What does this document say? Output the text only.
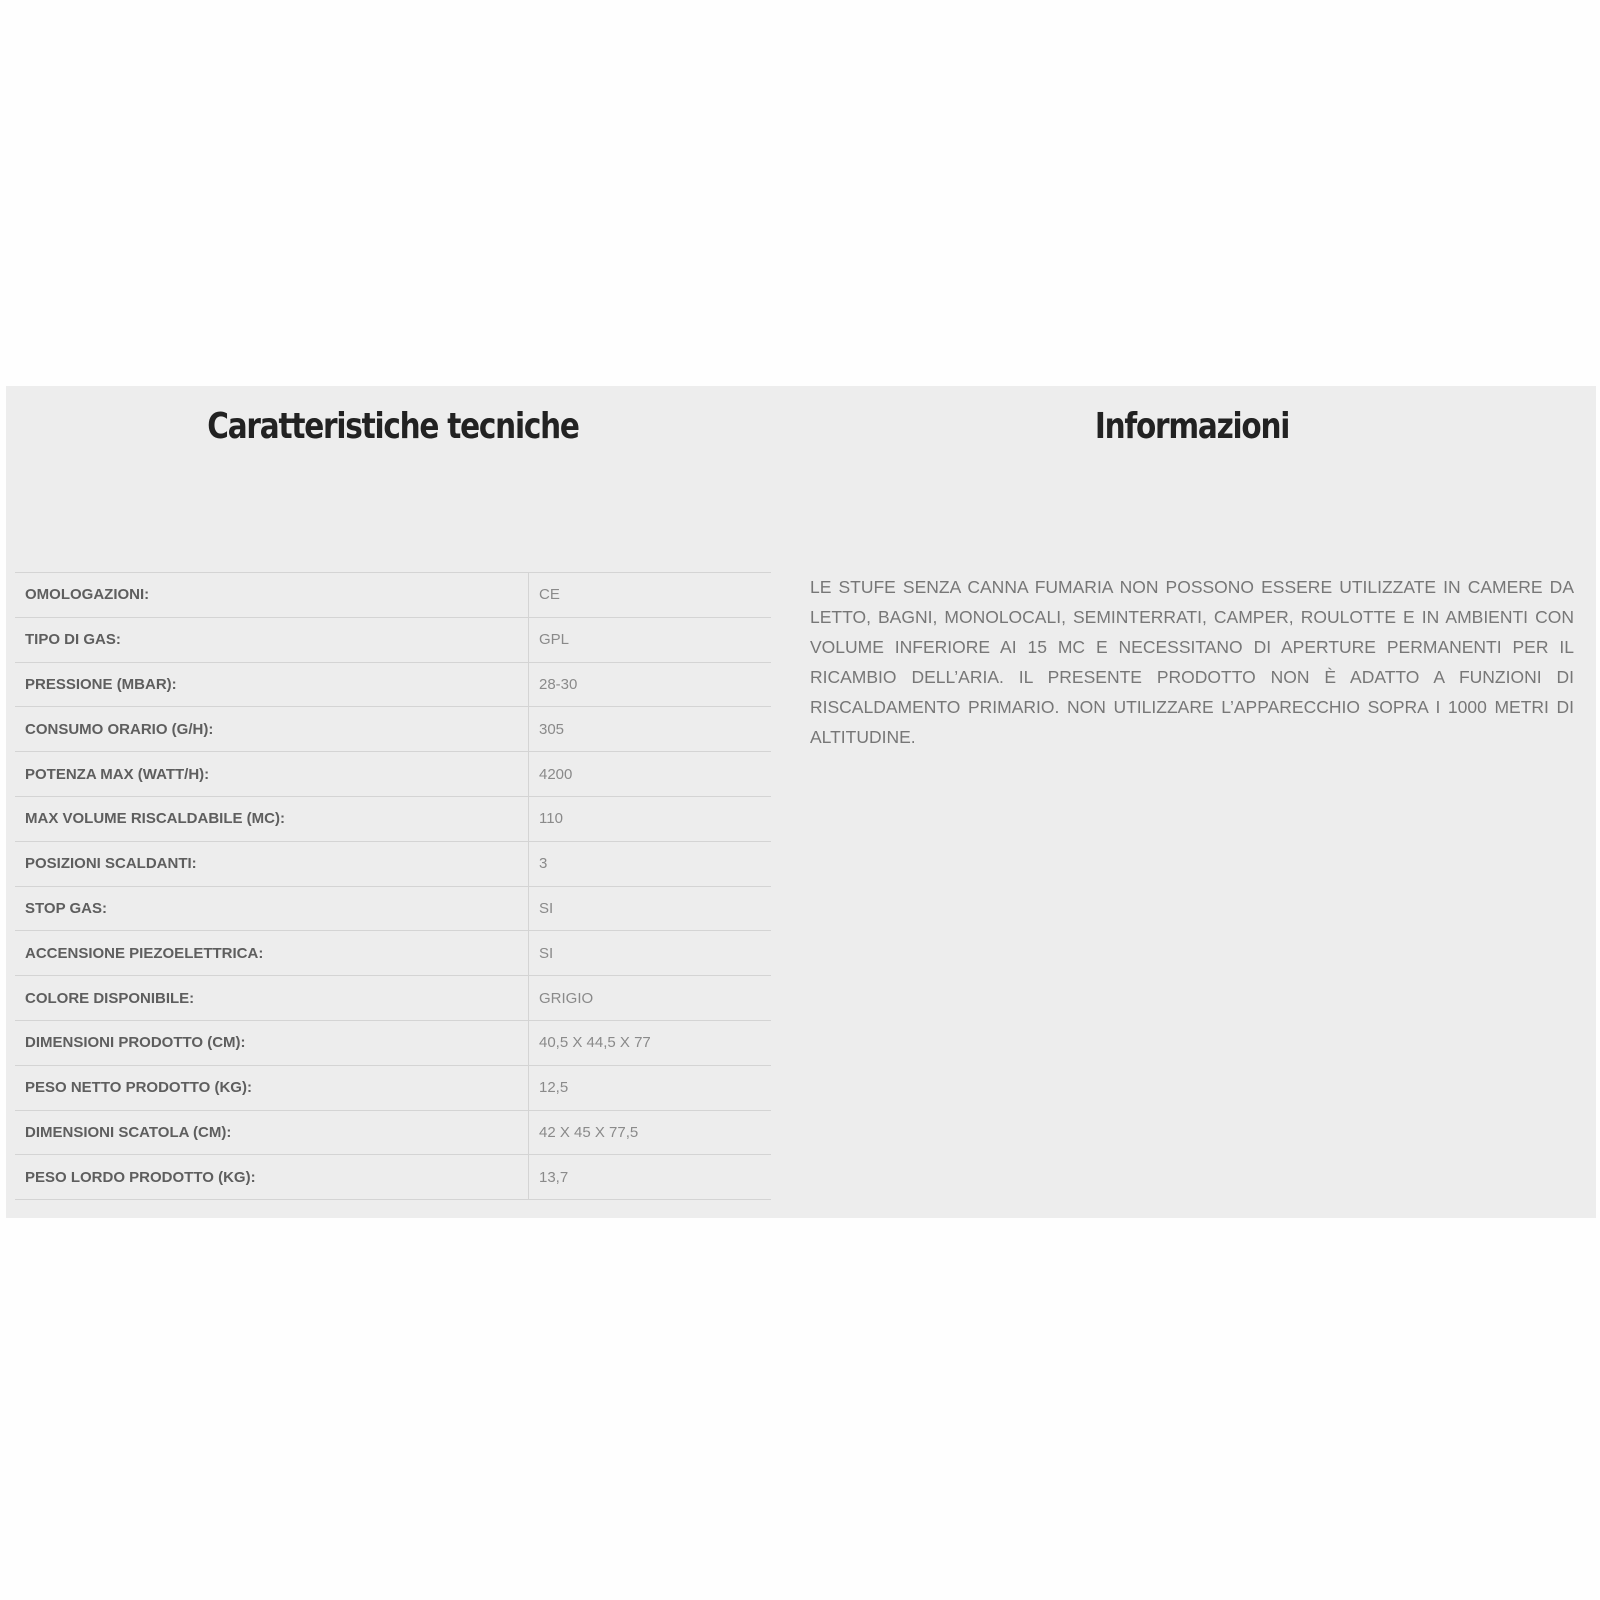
Caratteristiche tecniche
OMOLOGAZIONI:	CE
TIPO DI GAS:	GPL
PRESSIONE (MBAR):	28-30
CONSUMO ORARIO (G/H):	305
POTENZA MAX (WATT/H):	4200
MAX VOLUME RISCALDABILE (MC):	110
POSIZIONI SCALDANTI:	3
STOP GAS:	SI
ACCENSIONE PIEZOELETTRICA:	SI
COLORE DISPONIBILE:	GRIGIO
DIMENSIONI PRODOTTO (CM):	40,5 X 44,5 X 77
PESO NETTO PRODOTTO (KG):	12,5
DIMENSIONI SCATOLA (CM):	42 X 45 X 77,5
PESO LORDO PRODOTTO (KG):	13,7
Informazioni

LE STUFE SENZA CANNA FUMARIA NON POSSONO ESSERE UTILIZZATE IN CAMERE DA LETTO, BAGNI, MONOLOCALI, SEMINTERRATI, CAMPER, ROULOTTE E IN AMBIENTI CON VOLUME INFERIORE AI 15 MC E NECESSITANO DI APERTURE PERMANENTI PER IL RICAMBIO DELL’ARIA. IL PRESENTE PRODOTTO NON È ADATTO A FUNZIONI DI RISCALDAMENTO PRIMARIO. NON UTILIZZARE L’APPARECCHIO SOPRA I 1000 METRI DI ALTITUDINE.
